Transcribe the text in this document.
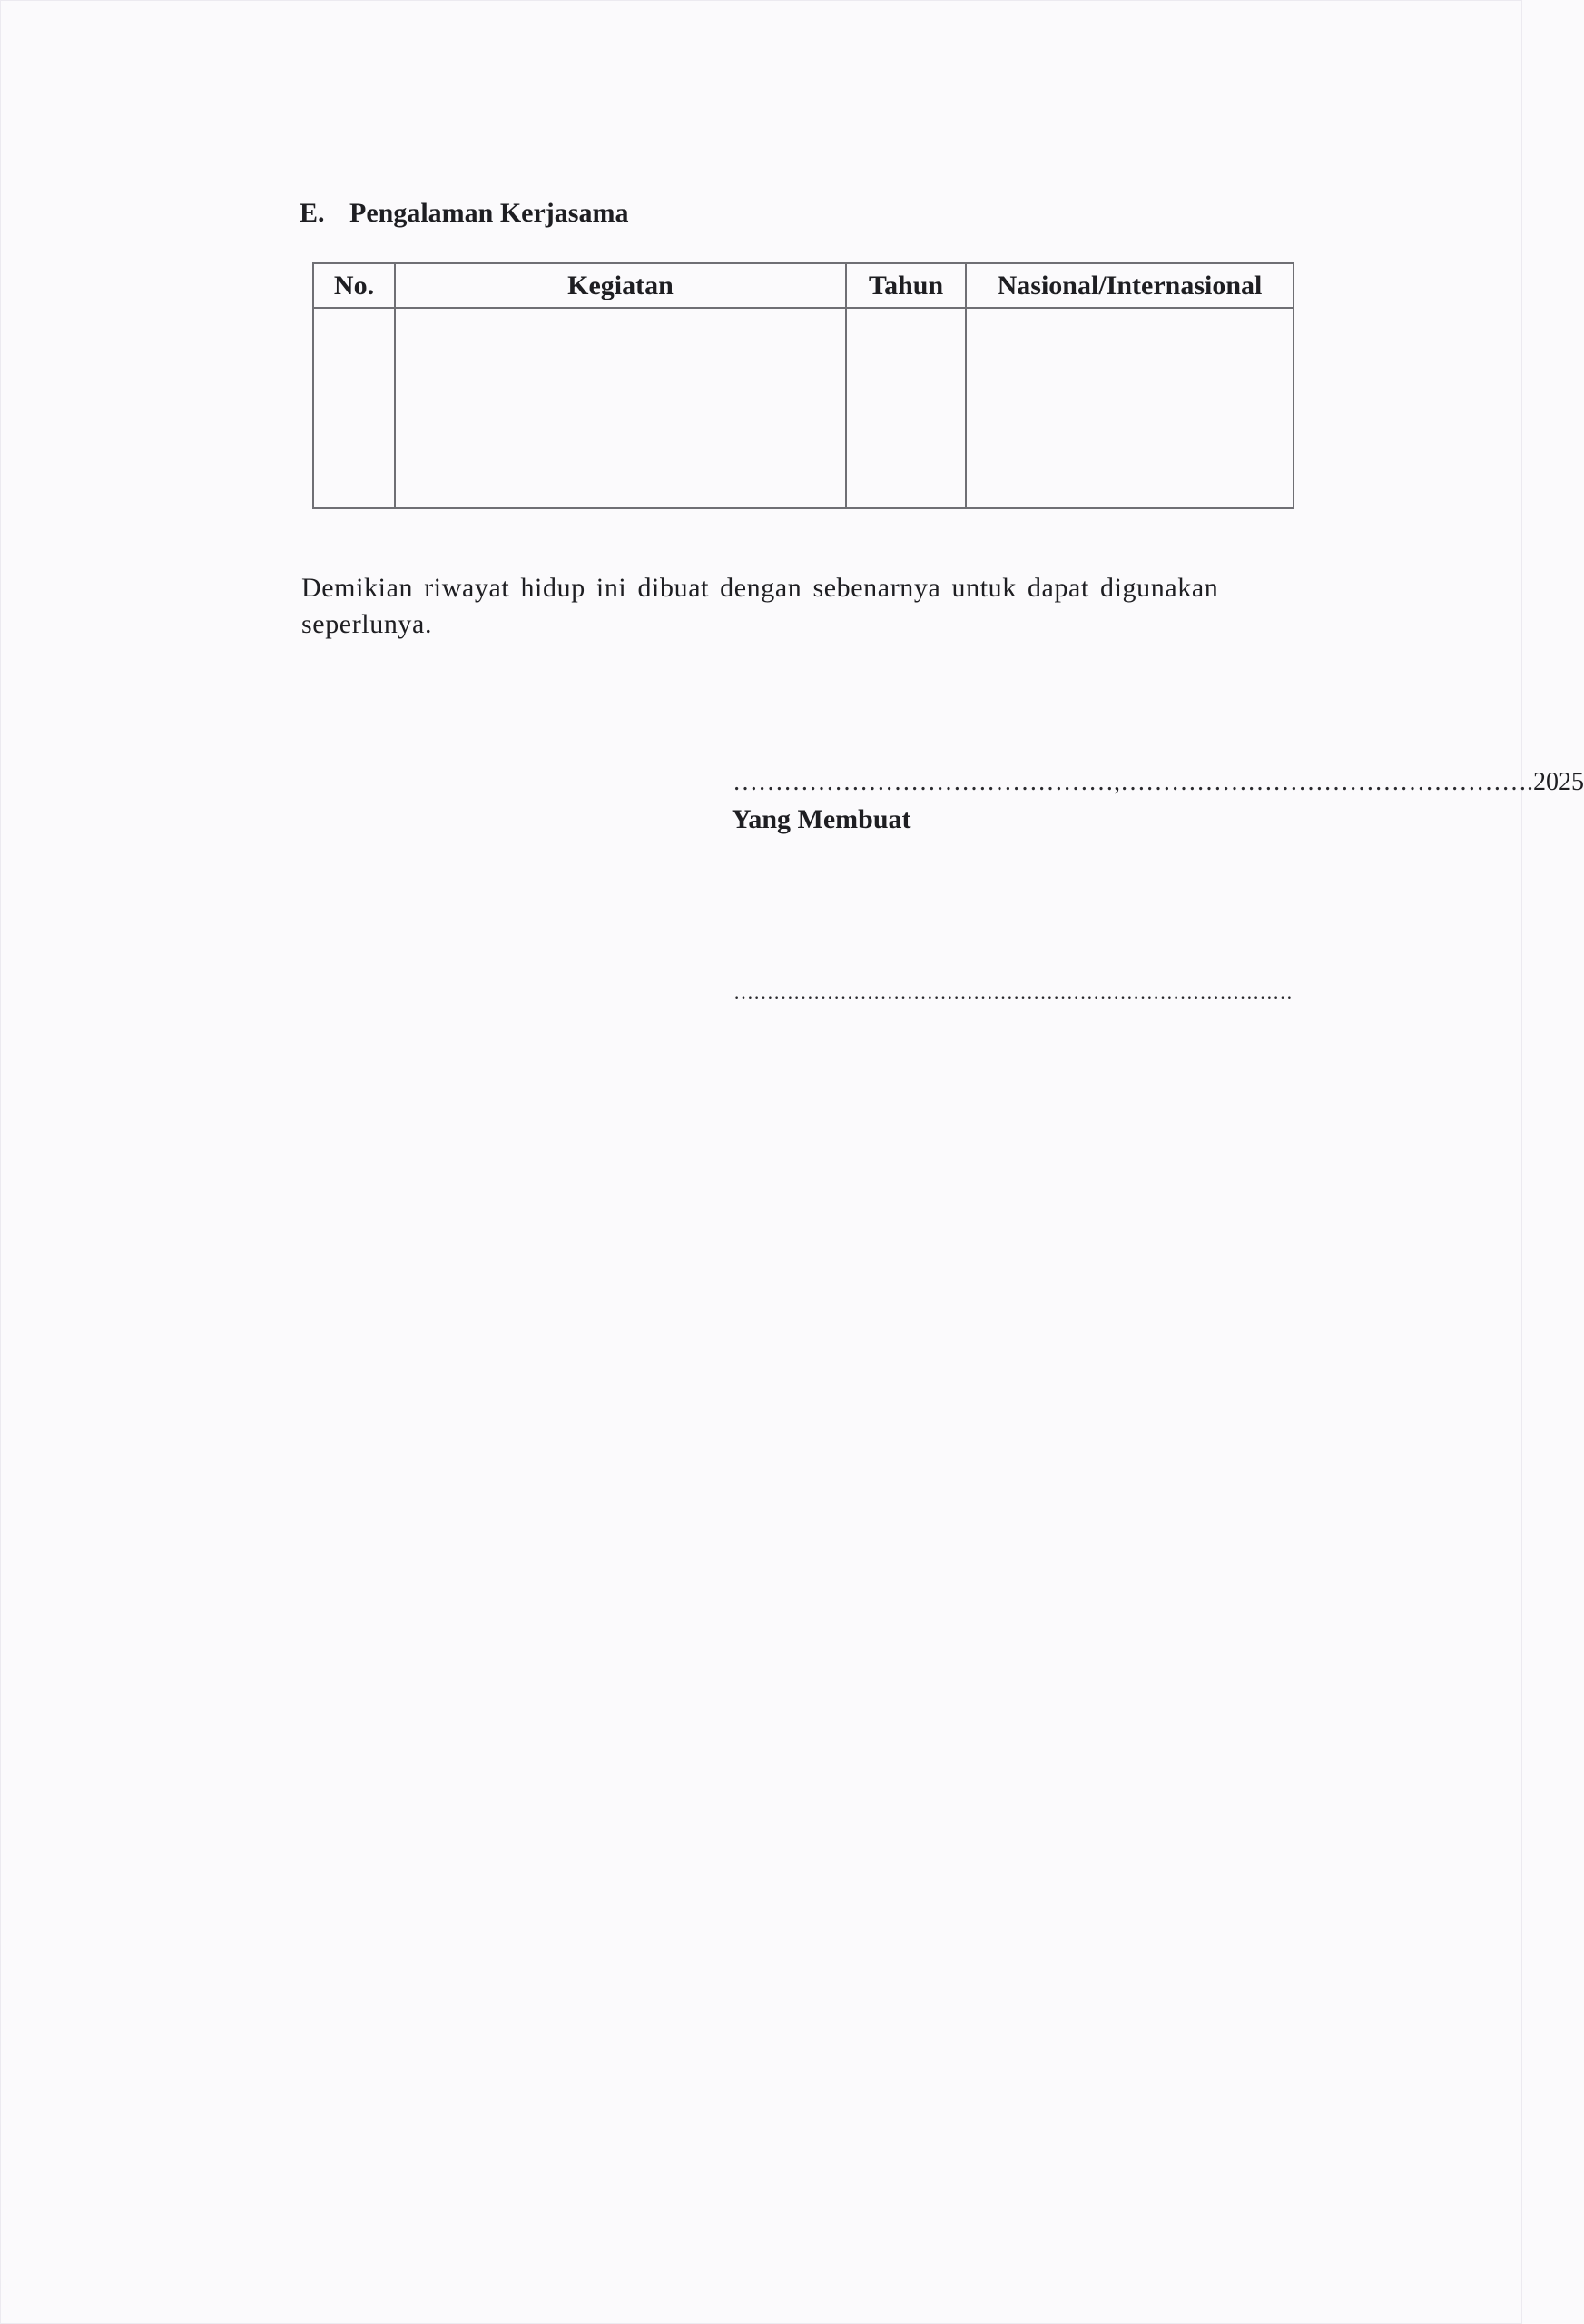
E. Pengalaman Kerjasama
No.	Kegiatan	Tahun	Nasional/Internasional

Demikian riwayat hidup ini dibuat dengan sebenarnya untuk dapat digunakan seperlunya.
………………………………………,………………………………………….2025
Yang Membuat
…………………………………………………………………………
